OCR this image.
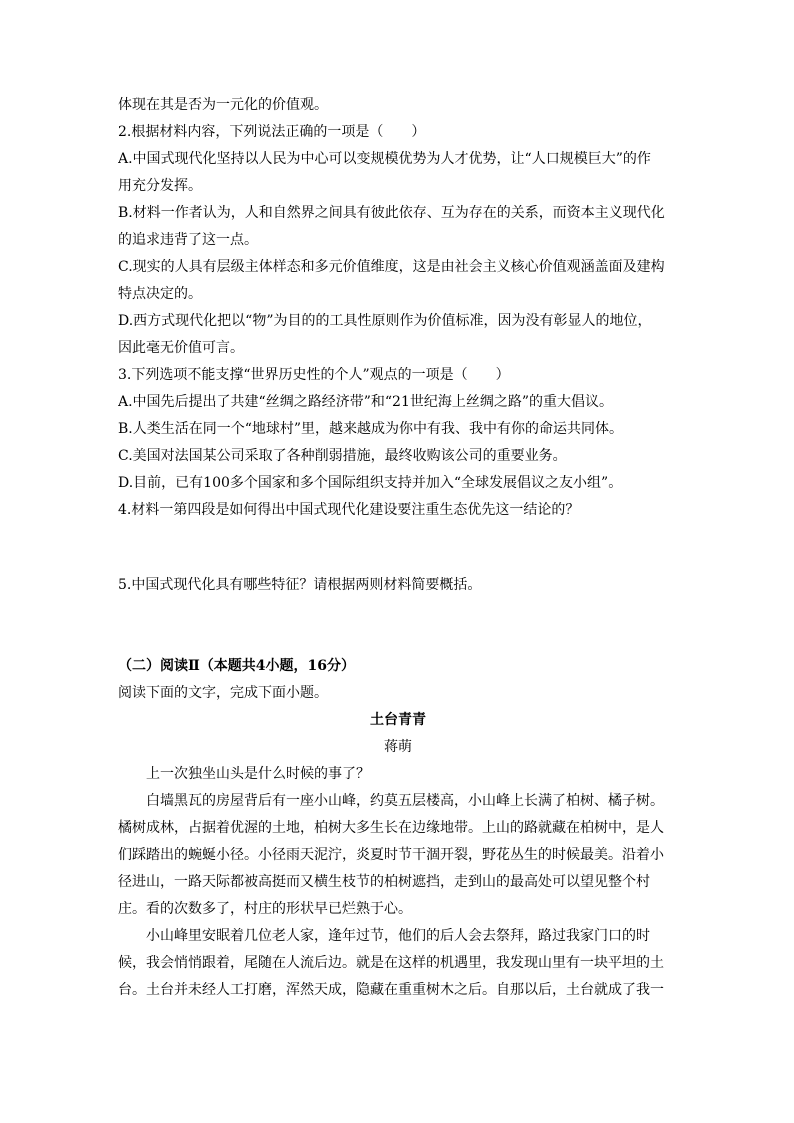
体现在其是否为一元化的价值观。
2.根据材料内容，下列说法正确的一项是（　　）
A.中国式现代化坚持以人民为中心可以变规模优势为人才优势，让“人口规模巨大”的作
用充分发挥。
B.材料一作者认为，人和自然界之间具有彼此依存、互为存在的关系，而资本主义现代化
的追求违背了这一点。
C.现实的人具有层级主体样态和多元价值维度，这是由社会主义核心价值观涵盖面及建构
特点决定的。
D.西方式现代化把以“物”为目的的工具性原则作为价值标准，因为没有彰显人的地位，
因此毫无价值可言。
3.下列选项不能支撑“世界历史性的个人”观点的一项是（　　）
A.中国先后提出了共建“丝绸之路经济带”和“21世纪海上丝绸之路”的重大倡议。
B.人类生活在同一个“地球村”里，越来越成为你中有我、我中有你的命运共同体。
C.美国对法国某公司采取了各种削弱措施，最终收购该公司的重要业务。
D.目前，已有100多个国家和多个国际组织支持并加入“全球发展倡议之友小组”。
4.材料一第四段是如何得出中国式现代化建设要注重生态优先这一结论的？
5.中国式现代化具有哪些特征？请根据两则材料简要概括。
（二）阅读Ⅱ（本题共4小题，16分）
阅读下面的文字，完成下面小题。
土台青青
蒋萌
上一次独坐山头是什么时候的事了？
白墙黑瓦的房屋背后有一座小山峰，约莫五层楼高，小山峰上长满了柏树、橘子树。
橘树成林，占据着优渥的土地，柏树大多生长在边缘地带。上山的路就藏在柏树中，是人
们踩踏出的蜿蜒小径。小径雨天泥泞，炎夏时节干涸开裂，野花丛生的时候最美。沿着小
径进山，一路天际都被高挺而又横生枝节的柏树遮挡，走到山的最高处可以望见整个村
庄。看的次数多了，村庄的形状早已烂熟于心。
小山峰里安眠着几位老人家，逢年过节，他们的后人会去祭拜，路过我家门口的时
候，我会悄悄跟着，尾随在人流后边。就是在这样的机遇里，我发现山里有一块平坦的土
台。土台并未经人工打磨，浑然天成，隐藏在重重树木之后。自那以后，土台就成了我一
